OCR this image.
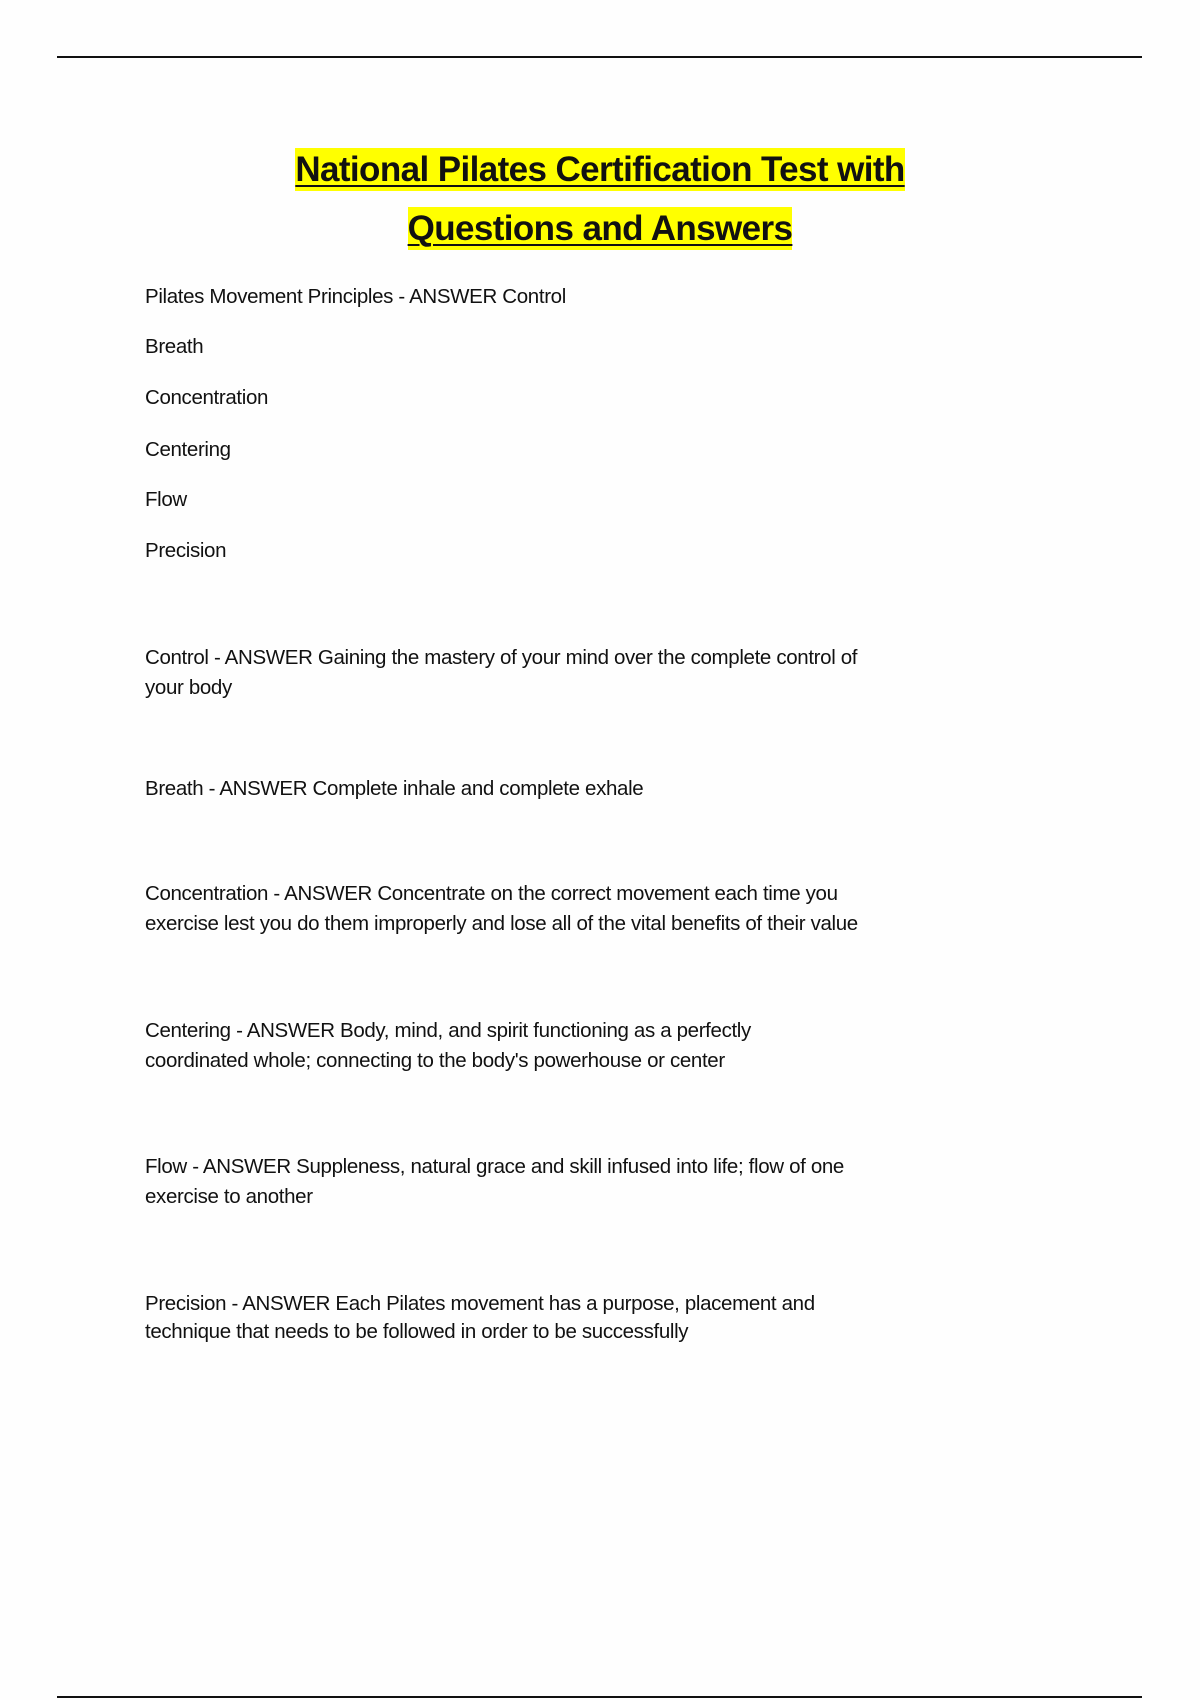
National Pilates Certification Test with
Questions and Answers
Pilates Movement Principles - ANSWER Control
Breath
Concentration
Centering
Flow
Precision
Control - ANSWER Gaining the mastery of your mind over the complete control of
your body
Breath - ANSWER Complete inhale and complete exhale
Concentration - ANSWER Concentrate on the correct movement each time you
exercise lest you do them improperly and lose all of the vital benefits of their value
Centering - ANSWER Body, mind, and spirit functioning as a perfectly
coordinated whole; connecting to the body's powerhouse or center
Flow - ANSWER Suppleness, natural grace and skill infused into life; flow of one
exercise to another
Precision - ANSWER Each Pilates movement has a purpose, placement and
technique that needs to be followed in order to be successfully
